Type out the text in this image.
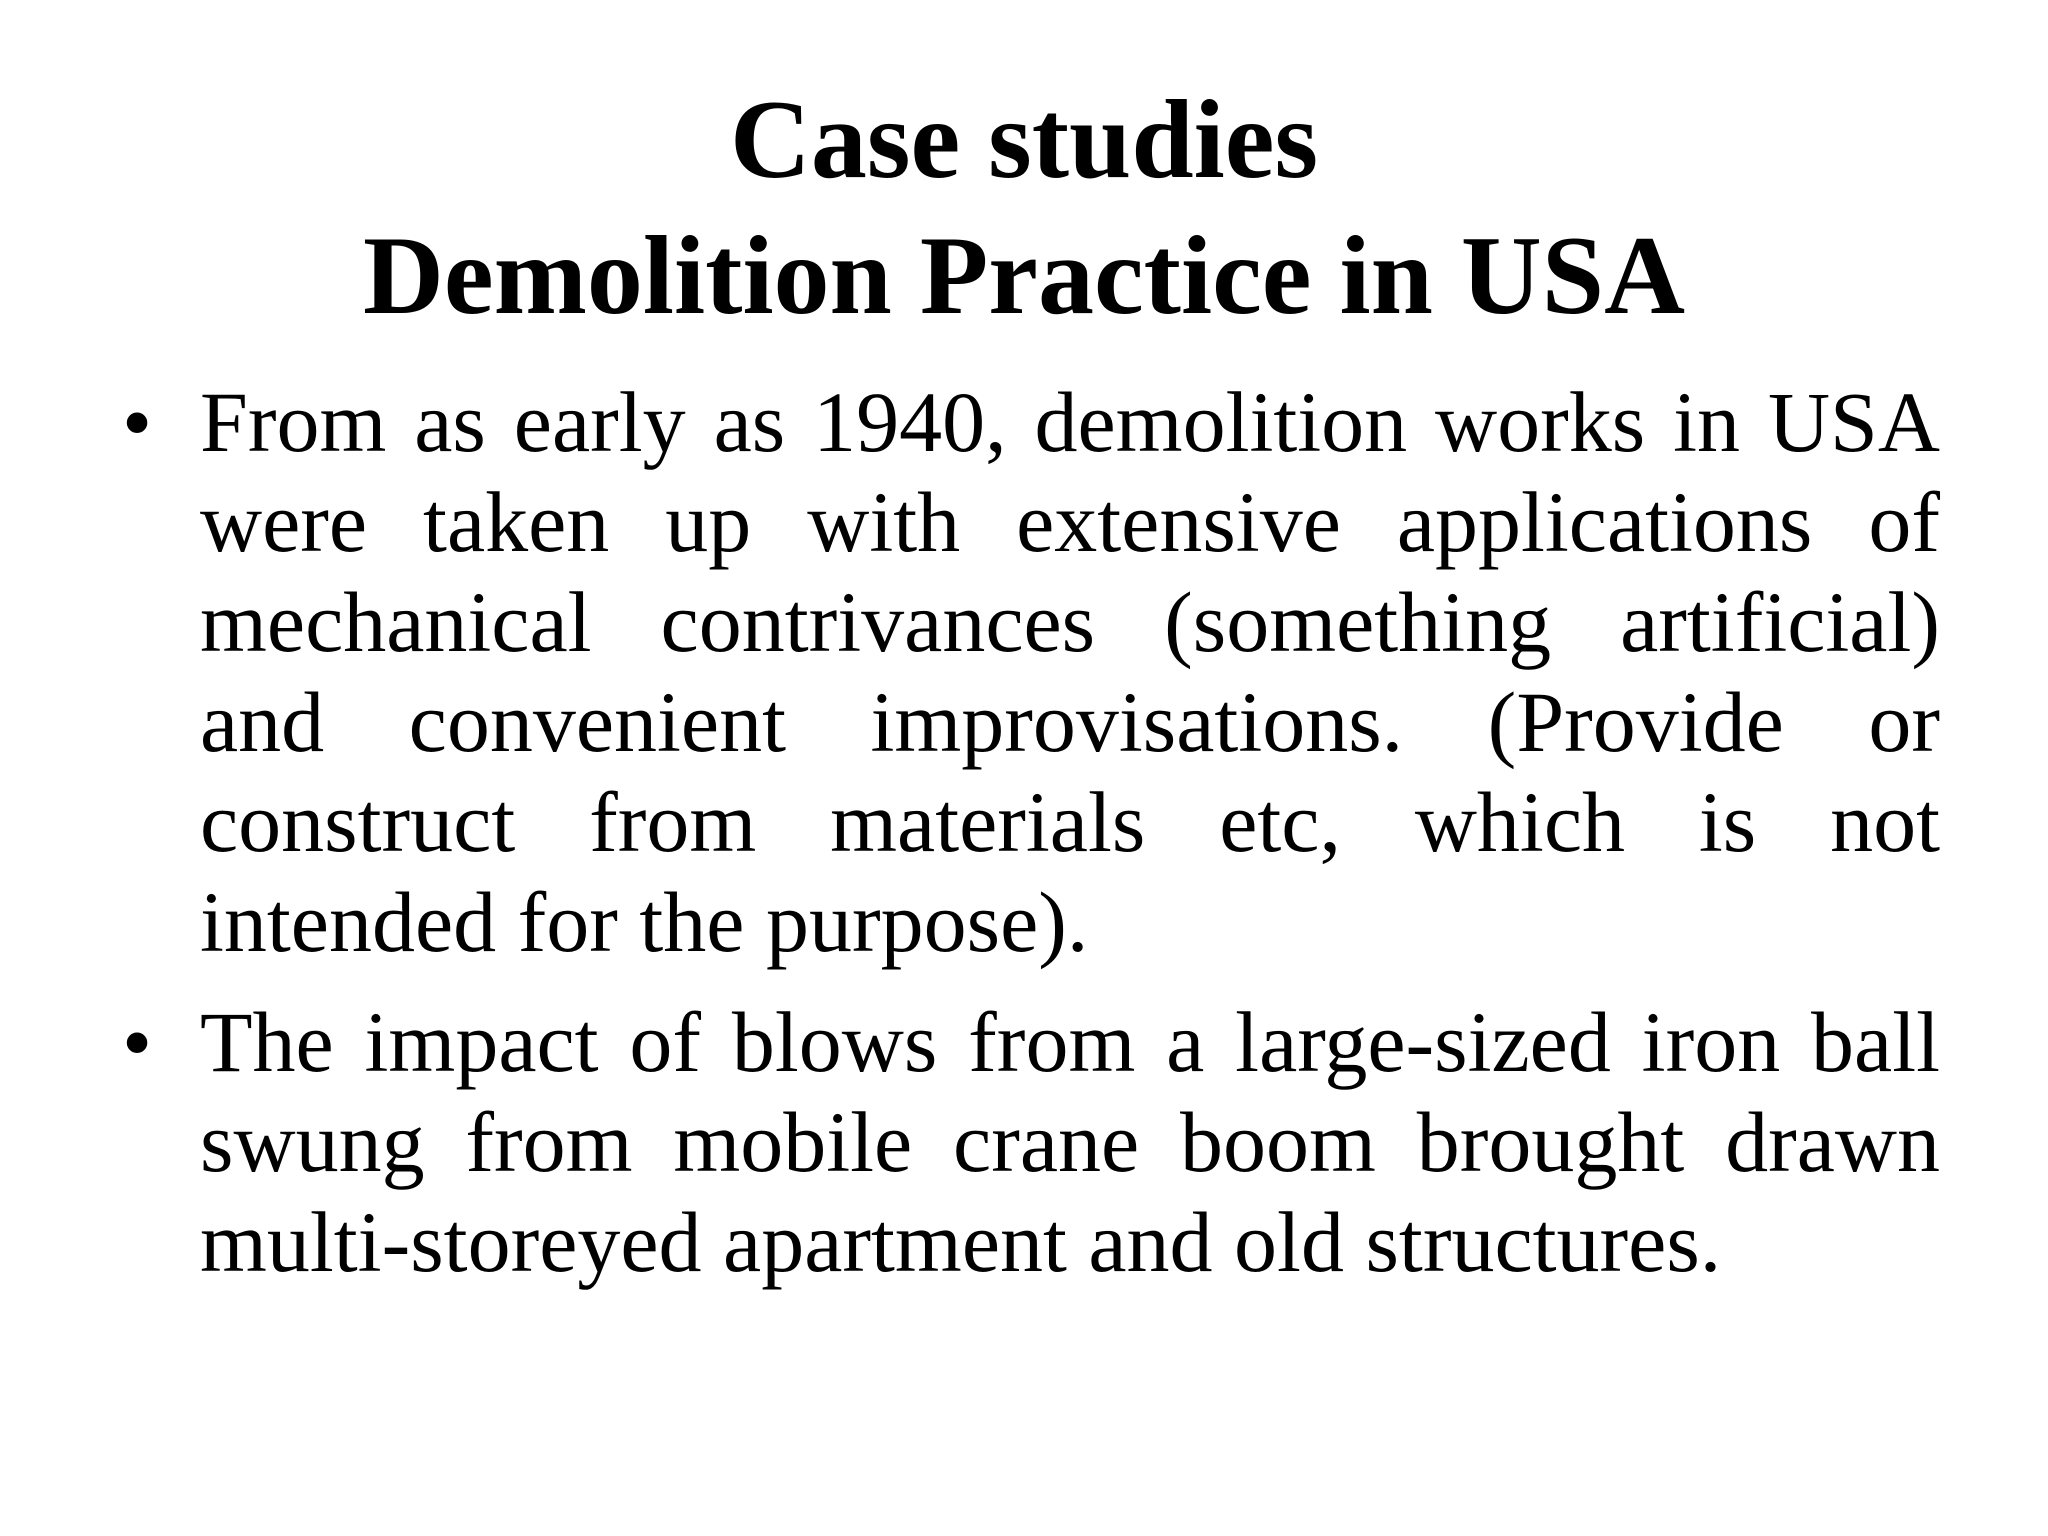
Case studies
Demolition Practice in USA
• From as early as 1940, demolition works in USA were taken up with extensive applications of mechanical contrivances (something artificial) and convenient improvisations. (Provide or construct from materials etc, which is not intended for the purpose).
• The impact of blows from a large-sized iron ball swung from mobile crane boom brought drawn multi-storeyed apartment and old structures.
